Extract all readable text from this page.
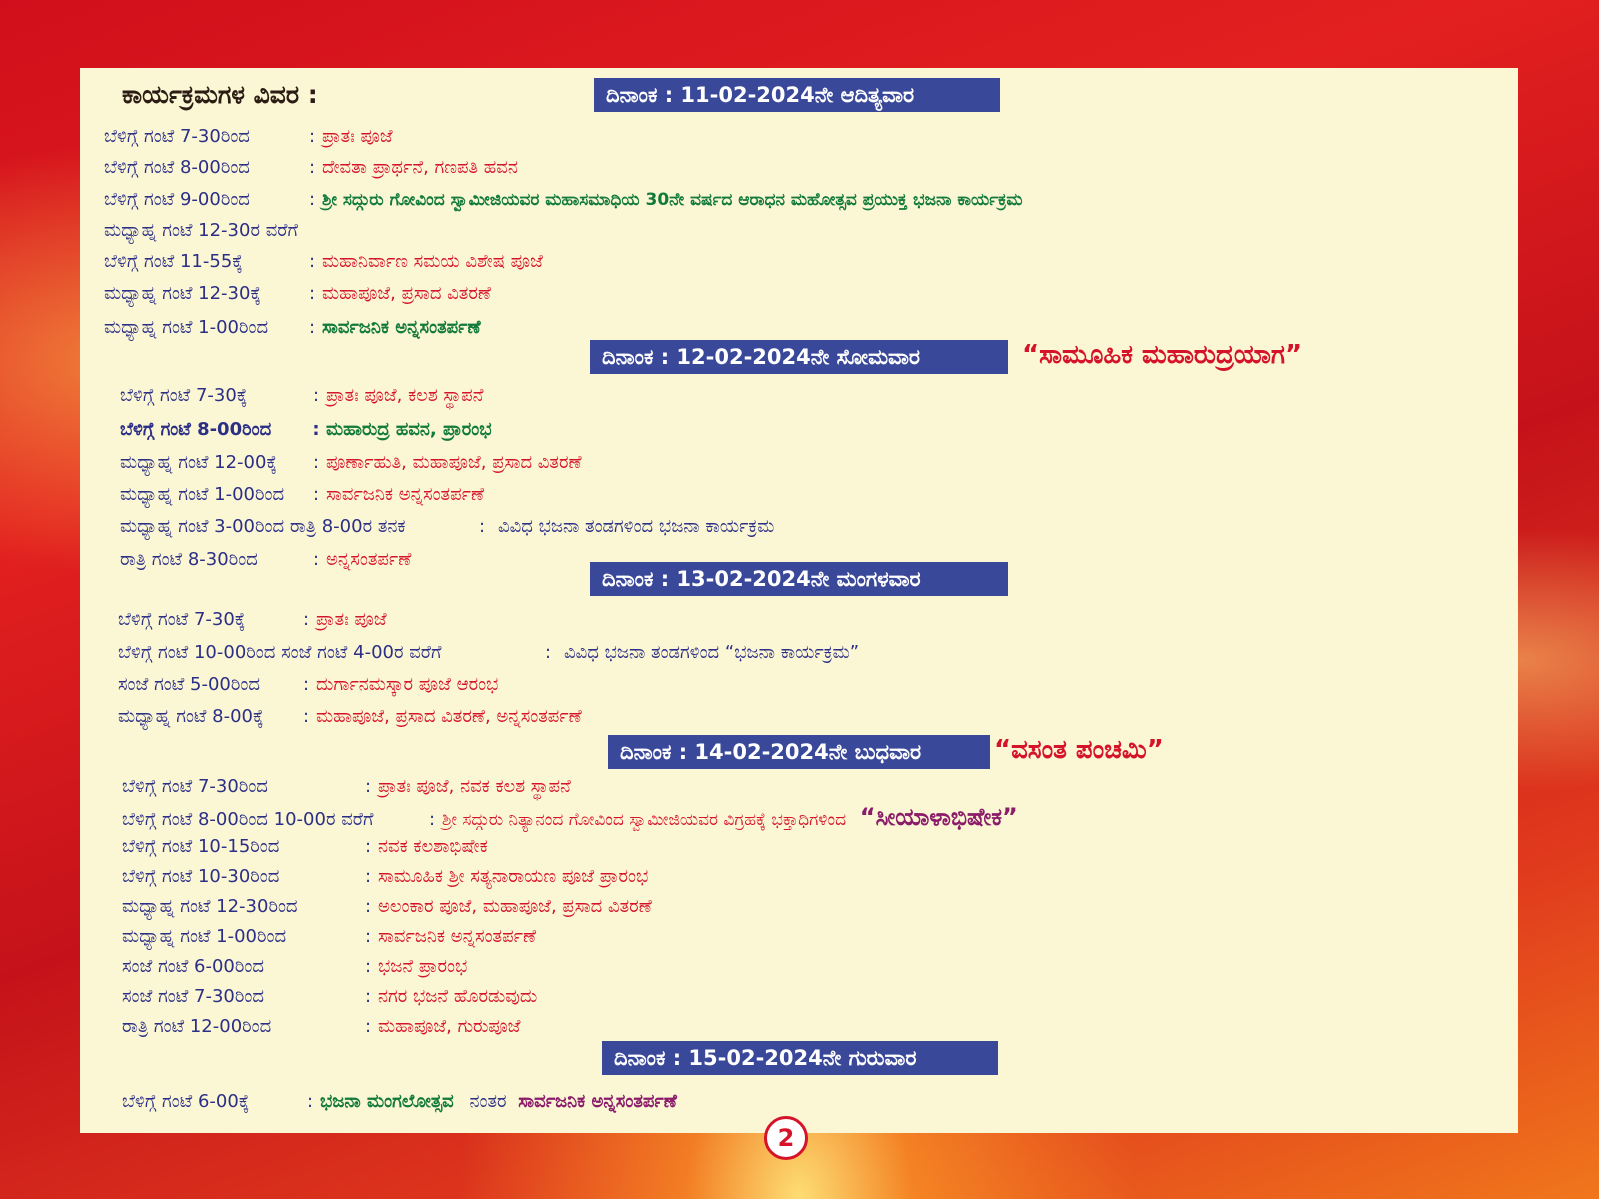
ಕಾರ್ಯಕ್ರಮಗಳ ವಿವರ :	ದಿನಾಂಕ : 11-02-2024ನೇ ಆದಿತ್ಯವಾರ
ಬೆಳಿಗ್ಗೆ ಗಂಟೆ 7-30ರಿಂದ	: ಪ್ರಾತಃ ಪೂಜೆ
ಬೆಳಿಗ್ಗೆ ಗಂಟೆ 8-00ರಿಂದ	: ದೇವತಾ ಪ್ರಾರ್ಥನೆ, ಗಣಪತಿ ಹವನ
ಬೆಳಿಗ್ಗೆ ಗಂಟೆ 9-00ರಿಂದ	: ಶ್ರೀ ಸದ್ಗುರು ಗೋವಿಂದ ಸ್ವಾಮೀಜಿಯವರ ಮಹಾಸಮಾಧಿಯ 30ನೇ ವರ್ಷದ ಆರಾಧನ ಮಹೋತ್ಸವ ಪ್ರಯುಕ್ತ ಭಜನಾ ಕಾರ್ಯಕ್ರಮ
ಮಧ್ಯಾಹ್ನ ಗಂಟೆ 12-30ರ ವರೆಗೆ
ಬೆಳಿಗ್ಗೆ ಗಂಟೆ 11-55ಕ್ಕೆ	: ಮಹಾನಿರ್ವಾಣ ಸಮಯ ವಿಶೇಷ ಪೂಜೆ
ಮಧ್ಯಾಹ್ನ ಗಂಟೆ 12-30ಕ್ಕೆ	: ಮಹಾಪೂಜೆ, ಪ್ರಸಾದ ವಿತರಣೆ
ಮಧ್ಯಾಹ್ನ ಗಂಟೆ 1-00ರಿಂದ : ಸಾರ್ವಜನಿಕ ಅನ್ನಸಂತರ್ಪಣೆ
ದಿನಾಂಕ : 12-02-2024ನೇ ಸೋಮವಾರ	“ಸಾಮೂಹಿಕ ಮಹಾರುದ್ರಯಾಗ”
ಬೆಳಿಗ್ಗೆ ಗಂಟೆ 7-30ಕ್ಕೆ	: ಪ್ರಾತಃ ಪೂಜೆ, ಕಲಶ ಸ್ಥಾಪನೆ
ಬೆಳಿಗ್ಗೆ ಗಂಟೆ 8-00ರಿಂದ : ಮಹಾರುದ್ರ ಹವನ, ಪ್ರಾರಂಭ
ಮಧ್ಯಾಹ್ನ ಗಂಟೆ 12-00ಕ್ಕೆ : ಪೂರ್ಣಾಹುತಿ, ಮಹಾಪೂಜೆ, ಪ್ರಸಾದ ವಿತರಣೆ
ಮಧ್ಯಾಹ್ನ ಗಂಟೆ 1-00ರಿಂದ : ಸಾರ್ವಜನಿಕ ಅನ್ನಸಂತರ್ಪಣೆ
ಮಧ್ಯಾಹ್ನ ಗಂಟೆ 3-00ರಿಂದ ರಾತ್ರಿ 8-00ರ ತನಕ	: ವಿವಿಧ ಭಜನಾ ತಂಡಗಳಿಂದ ಭಜನಾ ಕಾರ್ಯಕ್ರಮ
ರಾತ್ರಿ ಗಂಟೆ 8-30ರಿಂದ	: ಅನ್ನಸಂತರ್ಪಣೆ
ದಿನಾಂಕ : 13-02-2024ನೇ ಮಂಗಳವಾರ
ಬೆಳಿಗ್ಗೆ ಗಂಟೆ 7-30ಕ್ಕೆ	: ಪ್ರಾತಃ ಪೂಜೆ
ಬೆಳಿಗ್ಗೆ ಗಂಟೆ 10-00ರಿಂದ ಸಂಜೆ ಗಂಟೆ 4-00ರ ವರೆಗೆ	: ವಿವಿಧ ಭಜನಾ ತಂಡಗಳಿಂದ “ಭಜನಾ ಕಾರ್ಯಕ್ರಮ”
ಸಂಜೆ ಗಂಟೆ 5-00ರಿಂದ : ದುರ್ಗಾನಮಸ್ಕಾರ ಪೂಜೆ ಆರಂಭ
ಮಧ್ಯಾಹ್ನ ಗಂಟೆ 8-00ಕ್ಕೆ : ಮಹಾಪೂಜೆ, ಪ್ರಸಾದ ವಿತರಣೆ, ಅನ್ನಸಂತರ್ಪಣೆ
ದಿನಾಂಕ : 14-02-2024ನೇ ಬುಧವಾರ	“ವಸಂತ ಪಂಚಮಿ”
ಬೆಳಿಗ್ಗೆ ಗಂಟೆ 7-30ರಿಂದ	: ಪ್ರಾತಃ ಪೂಜೆ, ನವಕ ಕಲಶ ಸ್ಥಾಪನೆ
ಬೆಳಿಗ್ಗೆ ಗಂಟೆ 8-00ರಿಂದ 10-00ರ ವರೆಗೆ	: ಶ್ರೀ ಸದ್ಗುರು ನಿತ್ಯಾನಂದ ಗೋವಿಂದ ಸ್ವಾಮೀಜಿಯವರ ವಿಗ್ರಹಕ್ಕೆ ಭಕ್ತಾಧಿಗಳಿಂದ “ಸೀಯಾಳಾಭಿಷೇಕ”
ಬೆಳಿಗ್ಗೆ ಗಂಟೆ 10-15ರಿಂದ	: ನವಕ ಕಲಶಾಭಿಷೇಕ
ಬೆಳಿಗ್ಗೆ ಗಂಟೆ 10-30ರಿಂದ	: ಸಾಮೂಹಿಕ ಶ್ರೀ ಸತ್ಯನಾರಾಯಣ ಪೂಜೆ ಪ್ರಾರಂಭ
ಮಧ್ಯಾಹ್ನ ಗಂಟೆ 12-30ರಿಂದ	: ಅಲಂಕಾರ ಪೂಜೆ, ಮಹಾಪೂಜೆ, ಪ್ರಸಾದ ವಿತರಣೆ
ಮಧ್ಯಾಹ್ನ ಗಂಟೆ 1-00ರಿಂದ	: ಸಾರ್ವಜನಿಕ ಅನ್ನಸಂತರ್ಪಣೆ
ಸಂಜೆ ಗಂಟೆ 6-00ರಿಂದ	: ಭಜನೆ ಪ್ರಾರಂಭ
ಸಂಜೆ ಗಂಟೆ 7-30ರಿಂದ	: ನಗರ ಭಜನೆ ಹೊರಡುವುದು
ರಾತ್ರಿ ಗಂಟೆ 12-00ರಿಂದ	: ಮಹಾಪೂಜೆ, ಗುರುಪೂಜೆ
ದಿನಾಂಕ : 15-02-2024ನೇ ಗುರುವಾರ
ಬೆಳಿಗ್ಗೆ ಗಂಟೆ 6-00ಕ್ಕೆ	: ಭಜನಾ ಮಂಗಲೋತ್ಸವ ನಂತರ ಸಾರ್ವಜನಿಕ ಅನ್ನಸಂತರ್ಪಣೆ
2
